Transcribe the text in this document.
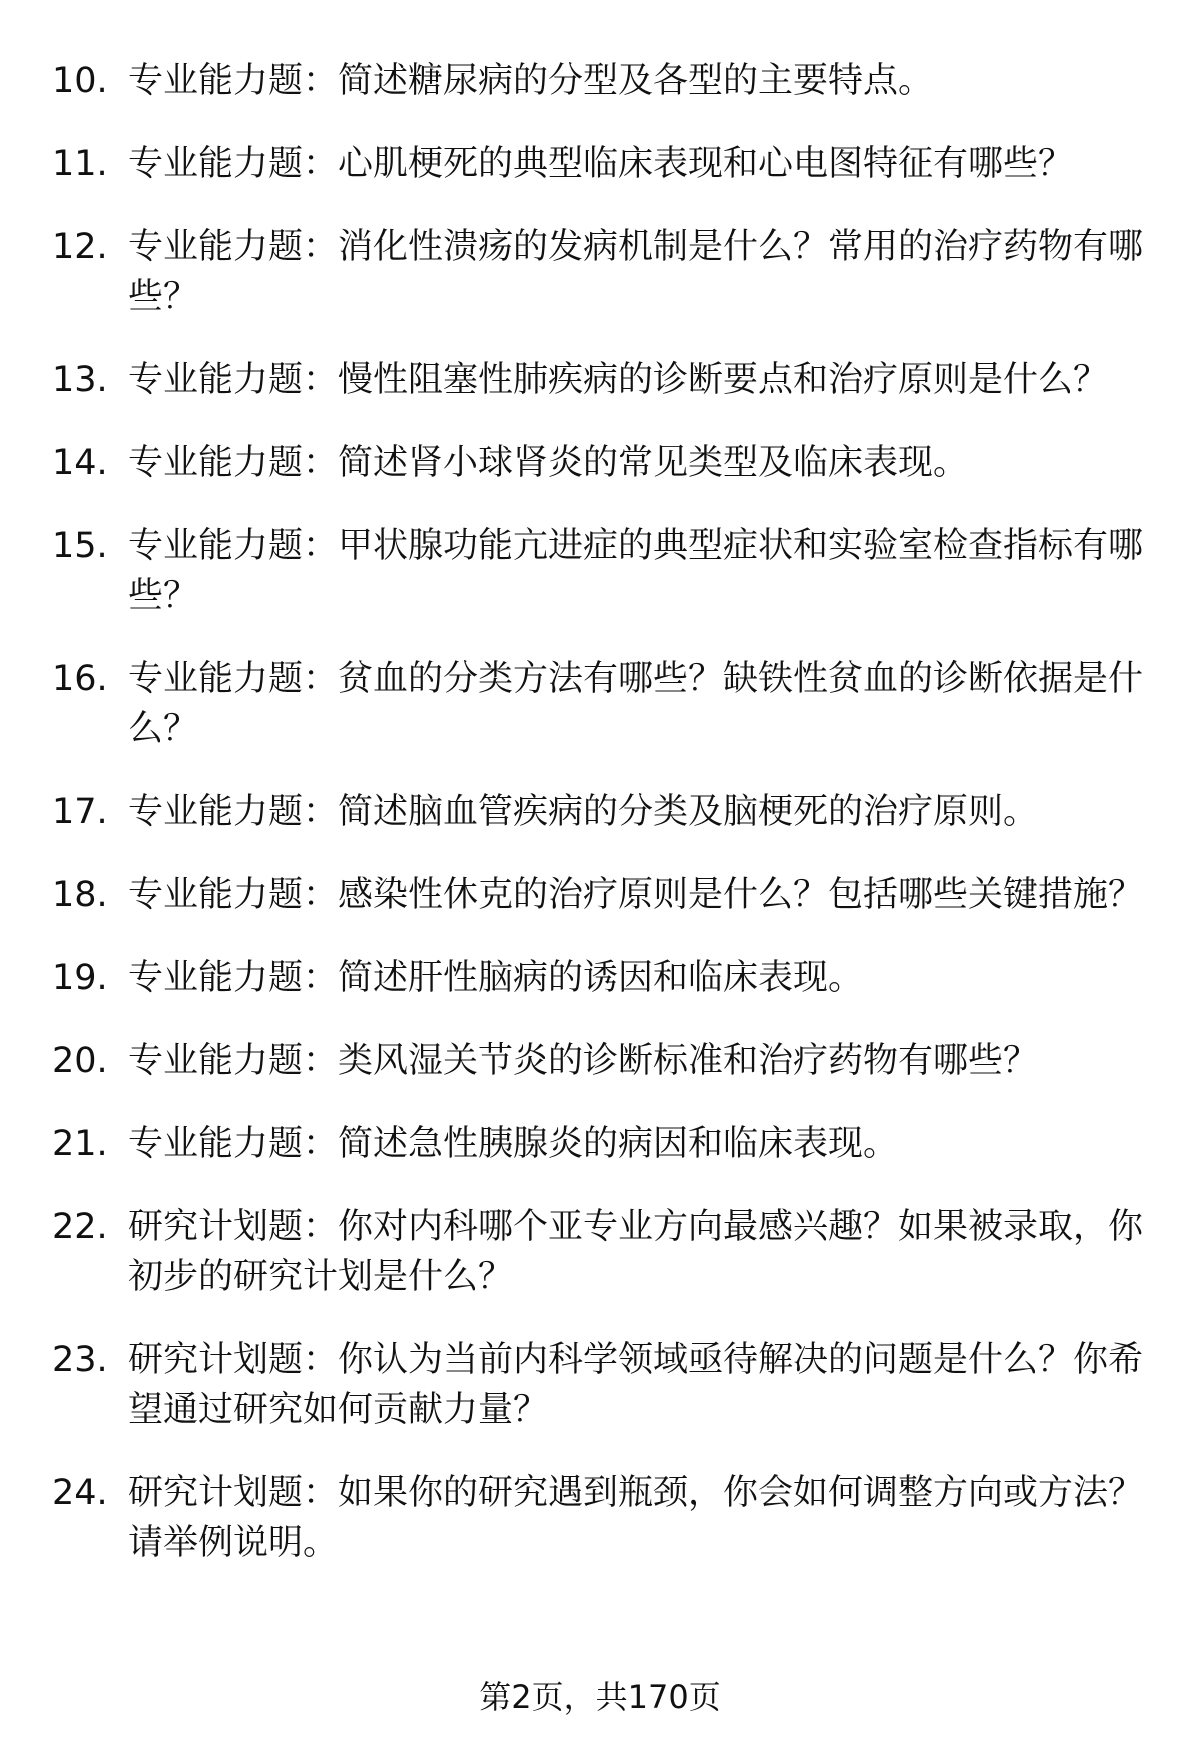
10. 专业能力题：简述糖尿病的分型及各型的主要特点。
11. 专业能力题：心肌梗死的典型临床表现和心电图特征有哪些？
12. 专业能力题：消化性溃疡的发病机制是什么？常用的治疗药物有哪些？
13. 专业能力题：慢性阻塞性肺疾病的诊断要点和治疗原则是什么？
14. 专业能力题：简述肾小球肾炎的常见类型及临床表现。
15. 专业能力题：甲状腺功能亢进症的典型症状和实验室检查指标有哪些？
16. 专业能力题：贫血的分类方法有哪些？缺铁性贫血的诊断依据是什么？
17. 专业能力题：简述脑血管疾病的分类及脑梗死的治疗原则。
18. 专业能力题：感染性休克的治疗原则是什么？包括哪些关键措施？
19. 专业能力题：简述肝性脑病的诱因和临床表现。
20. 专业能力题：类风湿关节炎的诊断标准和治疗药物有哪些？
21. 专业能力题：简述急性胰腺炎的病因和临床表现。
22. 研究计划题：你对内科哪个亚专业方向最感兴趣？如果被录取，你初步的研究计划是什么？
23. 研究计划题：你认为当前内科学领域亟待解决的问题是什么？你希望通过研究如何贡献力量？
24. 研究计划题：如果你的研究遇到瓶颈，你会如何调整方向或方法？请举例说明。
第2页，共170页
